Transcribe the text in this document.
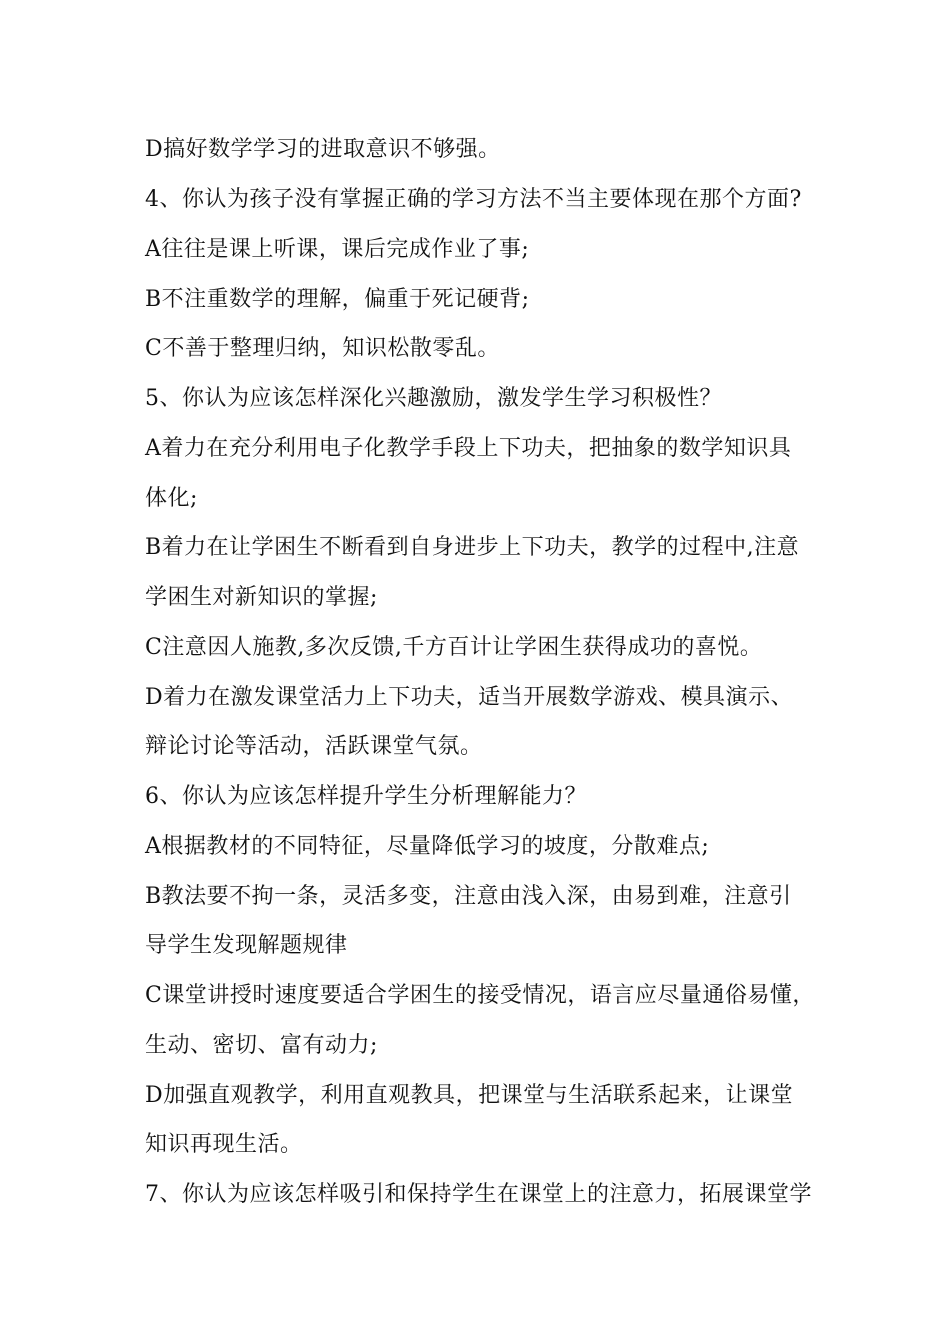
D搞好数学学习的进取意识不够强。
4、你认为孩子没有掌握正确的学习方法不当主要体现在那个方面?
A往往是课上听课，课后完成作业了事;
B不注重数学的理解，偏重于死记硬背;
C不善于整理归纳，知识松散零乱。
5、你认为应该怎样深化兴趣激励，激发学生学习积极性？
A着力在充分利用电子化教学手段上下功夫，把抽象的数学知识具
体化;
B着力在让学困生不断看到自身进步上下功夫，教学的过程中,注意
学困生对新知识的掌握;
C注意因人施教,多次反馈,千方百计让学困生获得成功的喜悦。
D着力在激发课堂活力上下功夫，适当开展数学游戏、模具演示、
辩论讨论等活动，活跃课堂气氛。
6、你认为应该怎样提升学生分析理解能力？
A根据教材的不同特征，尽量降低学习的坡度，分散难点;
B教法要不拘一条，灵活多变，注意由浅入深，由易到难，注意引
导学生发现解题规律
C课堂讲授时速度要适合学困生的接受情况，语言应尽量通俗易懂，
生动、密切、富有动力;
D加强直观教学，利用直观教具，把课堂与生活联系起来，让课堂
知识再现生活。
7、你认为应该怎样吸引和保持学生在课堂上的注意力，拓展课堂学
